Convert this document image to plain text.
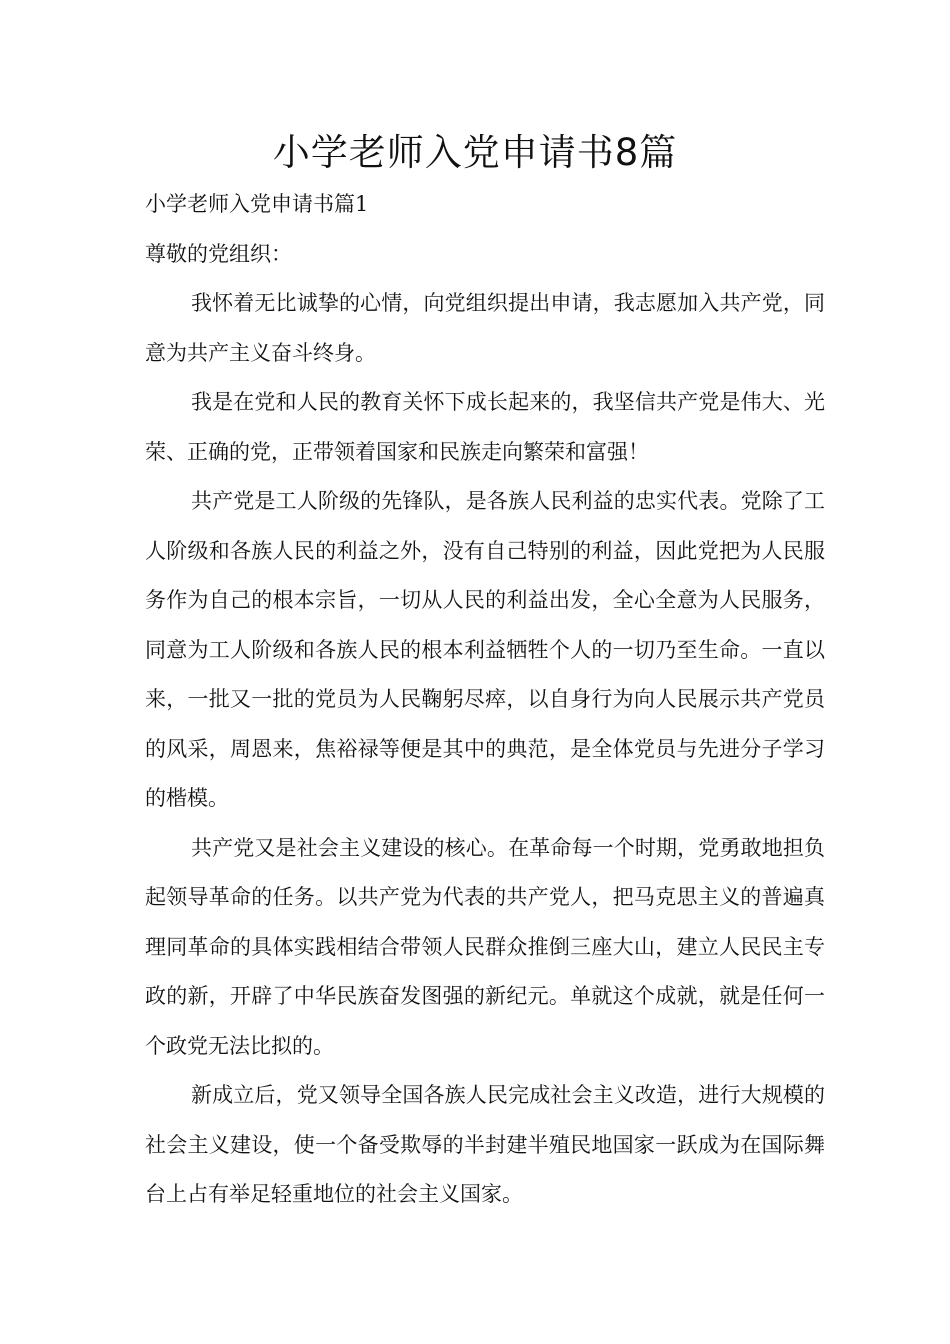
小学老师入党申请书8篇

小学老师入党申请书篇1

尊敬的党组织：

我怀着无比诚挚的心情，向党组织提出申请，我志愿加入共产党，同意为共产主义奋斗终身。

我是在党和人民的教育关怀下成长起来的，我坚信共产党是伟大、光荣、正确的党，正带领着国家和民族走向繁荣和富强！

共产党是工人阶级的先锋队，是各族人民利益的忠实代表。党除了工人阶级和各族人民的利益之外，没有自己特别的利益，因此党把为人民服务作为自己的根本宗旨，一切从人民的利益出发，全心全意为人民服务，同意为工人阶级和各族人民的根本利益牺牲个人的一切乃至生命。一直以来，一批又一批的党员为人民鞠躬尽瘁，以自身行为向人民展示共产党员的风采，周恩来，焦裕禄等便是其中的典范，是全体党员与先进分子学习的楷模。

共产党又是社会主义建设的核心。在革命每一个时期，党勇敢地担负起领导革命的任务。以共产党为代表的共产党人，把马克思主义的普遍真理同革命的具体实践相结合带领人民群众推倒三座大山，建立人民民主专政的新，开辟了中华民族奋发图强的新纪元。单就这个成就，就是任何一个政党无法比拟的。

新成立后，党又领导全国各族人民完成社会主义改造，进行大规模的社会主义建设，使一个备受欺辱的半封建半殖民地国家一跃成为在国际舞台上占有举足轻重地位的社会主义国家。
